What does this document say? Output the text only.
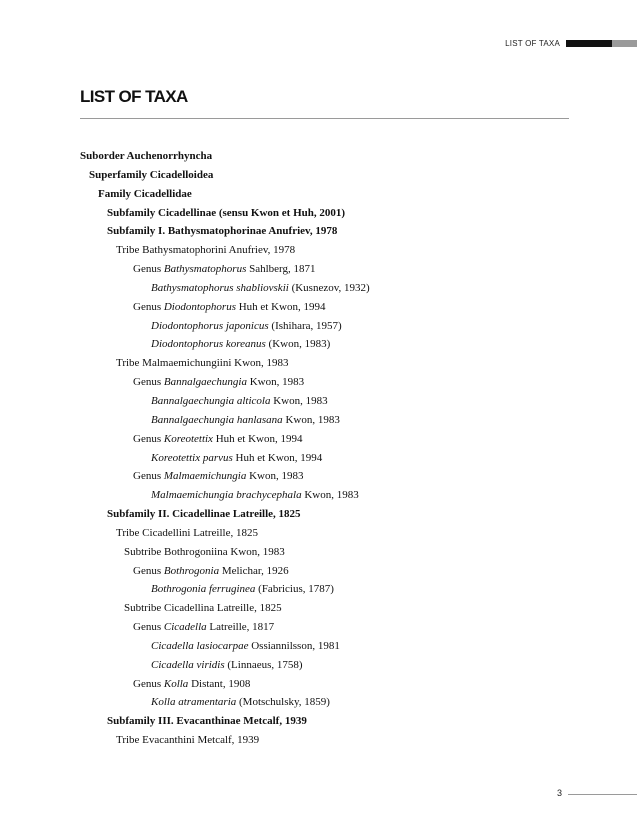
LIST OF TAXA
LIST OF TAXA
Suborder Auchenorrhyncha
Superfamily Cicadelloidea
Family Cicadellidae
Subfamily Cicadellinae (sensu Kwon et Huh, 2001)
Subfamily I. Bathysmatophorinae Anufriev, 1978
Tribe Bathysmatophorini Anufriev, 1978
Genus Bathysmatophorus Sahlberg, 1871
Bathysmatophorus shabliovskii (Kusnezov, 1932)
Genus Diodontophorus Huh et Kwon, 1994
Diodontophorus japonicus (Ishihara, 1957)
Diodontophorus koreanus (Kwon, 1983)
Tribe Malmaemichungiini Kwon, 1983
Genus Bannalgaechungia Kwon, 1983
Bannalgaechungia alticola Kwon, 1983
Bannalgaechungia hanlasana Kwon, 1983
Genus Koreotettix Huh et Kwon, 1994
Koreotettix parvus Huh et Kwon, 1994
Genus Malmaemichungia Kwon, 1983
Malmaemichungia brachycephala Kwon, 1983
Subfamily II. Cicadellinae Latreille, 1825
Tribe Cicadellini Latreille, 1825
Subtribe Bothrogoniina Kwon, 1983
Genus Bothrogonia Melichar, 1926
Bothrogonia ferruginea (Fabricius, 1787)
Subtribe Cicadellina Latreille, 1825
Genus Cicadella Latreille, 1817
Cicadella lasiocarpae Ossiannilsson, 1981
Cicadella viridis (Linnaeus, 1758)
Genus Kolla Distant, 1908
Kolla atramentaria (Motschulsky, 1859)
Subfamily III. Evacanthinae Metcalf, 1939
Tribe Evacanthini Metcalf, 1939
3
